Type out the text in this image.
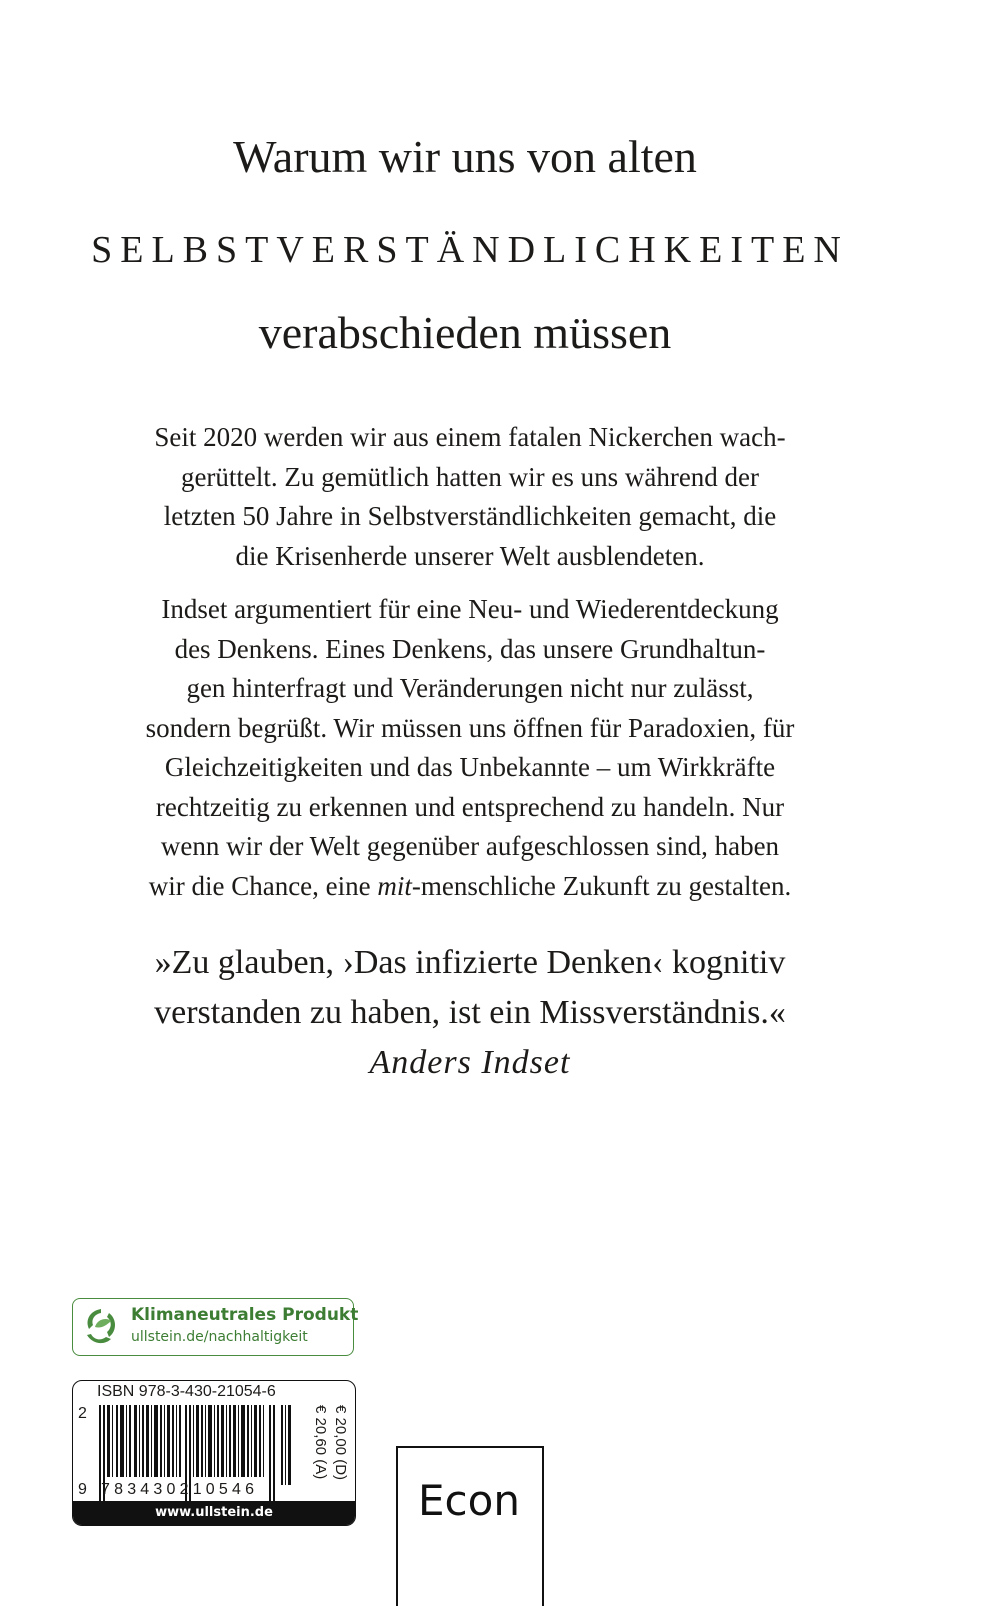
Warum wir uns von alten
SELBSTVERSTÄNDLICHKEITEN
verabschieden müssen
Seit 2020 werden wir aus einem fatalen Nickerchen wach-
gerüttelt. Zu gemütlich hatten wir es uns während der
letzten 50 Jahre in Selbstverständlichkeiten gemacht, die
die Krisenherde unserer Welt ausblendeten.
Indset argumentiert für eine Neu- und Wiederentdeckung
des Denkens. Eines Denkens, das unsere Grundhaltun-
gen hinterfragt und Veränderungen nicht nur zulässt,
sondern begrüßt. Wir müssen uns öffnen für Paradoxien, für
Gleichzeitigkeiten und das Unbekannte – um Wirkkräfte
rechtzeitig zu erkennen und entsprechend zu handeln. Nur
wenn wir der Welt gegenüber aufgeschlossen sind, haben
wir die Chance, eine mit-menschliche Zukunft zu gestalten.
»Zu glauben, ›Das infizierte Denken‹ kognitiv
verstanden zu haben, ist ein Missverständnis.«
Anders Indset
Klimaneutrales Produkt
ullstein.de/nachhaltigkeit
ISBN 978-3-430-21054-6
2
9 783430210546
€ 20,00 (D)
€ 20,60 (A)
www.ullstein.de	Econ
